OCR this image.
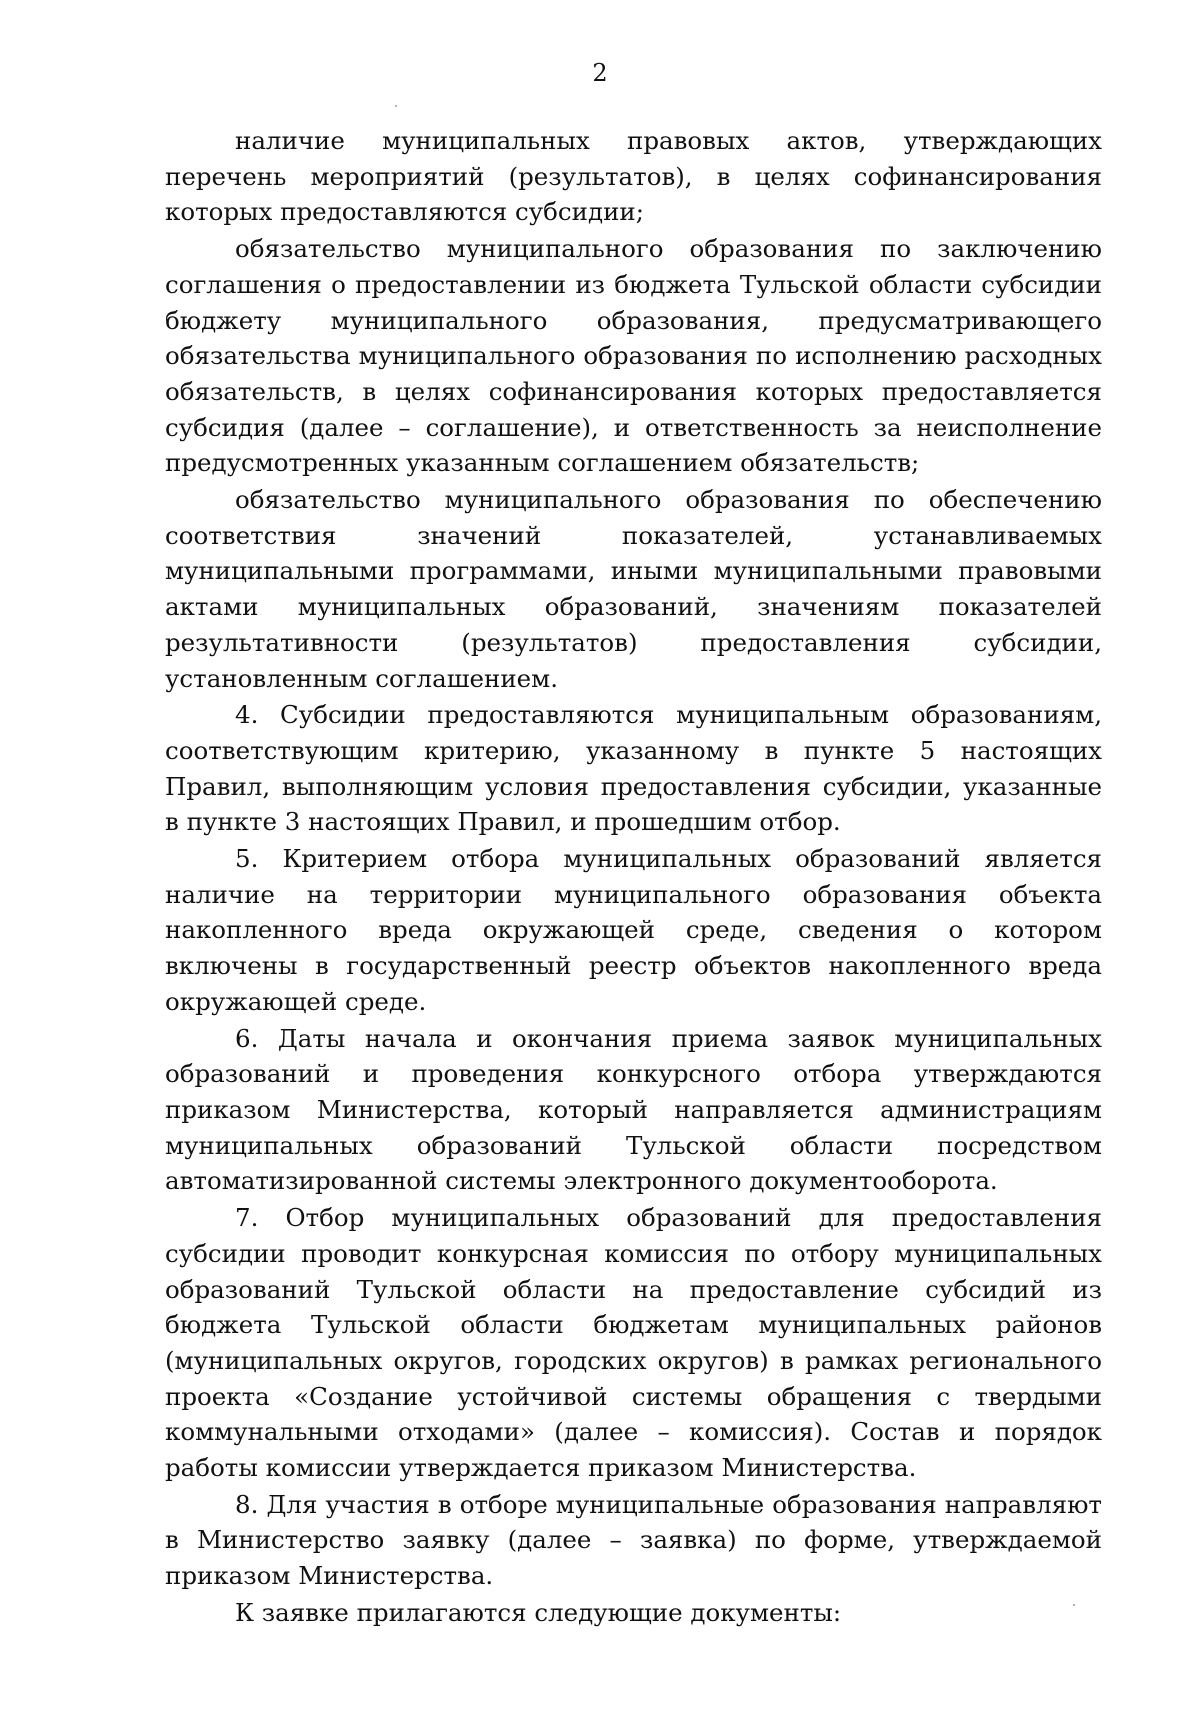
2

наличие муниципальных правовых актов, утверждающих перечень мероприятий (результатов), в целях софинансирования которых предоставляются субсидии;

обязательство муниципального образования по заключению соглашения о предоставлении из бюджета Тульской области субсидии бюджету муниципального образования, предусматривающего обязательства муниципального образования по исполнению расходных обязательств, в целях софинансирования которых предоставляется субсидия (далее – соглашение), и ответственность за неисполнение предусмотренных указанным соглашением обязательств;

обязательство муниципального образования по обеспечению соответствия значений показателей, устанавливаемых муниципальными программами, иными муниципальными правовыми актами муниципальных образований, значениям показателей результативности (результатов) предоставления субсидии, установленным соглашением.

4. Субсидии предоставляются муниципальным образованиям, соответствующим критерию, указанному в пункте 5 настоящих Правил, выполняющим условия предоставления субсидии, указанные в пункте 3 настоящих Правил, и прошедшим отбор.

5. Критерием отбора муниципальных образований является наличие на территории муниципального образования объекта накопленного вреда окружающей среде, сведения о котором включены в государственный реестр объектов накопленного вреда окружающей среде.

6. Даты начала и окончания приема заявок муниципальных образований и проведения конкурсного отбора утверждаются приказом Министерства, который направляется администрациям муниципальных образований Тульской области посредством автоматизированной системы электронного документооборота.

7. Отбор муниципальных образований для предоставления субсидии проводит конкурсная комиссия по отбору муниципальных образований Тульской области на предоставление субсидий из бюджета Тульской области бюджетам муниципальных районов (муниципальных округов, городских округов) в рамках регионального проекта «Создание устойчивой системы обращения с твердыми коммунальными отходами» (далее – комиссия). Состав и порядок работы комиссии утверждается приказом Министерства.

8. Для участия в отборе муниципальные образования направляют в Министерство заявку (далее – заявка) по форме, утверждаемой приказом Министерства.

К заявке прилагаются следующие документы:
